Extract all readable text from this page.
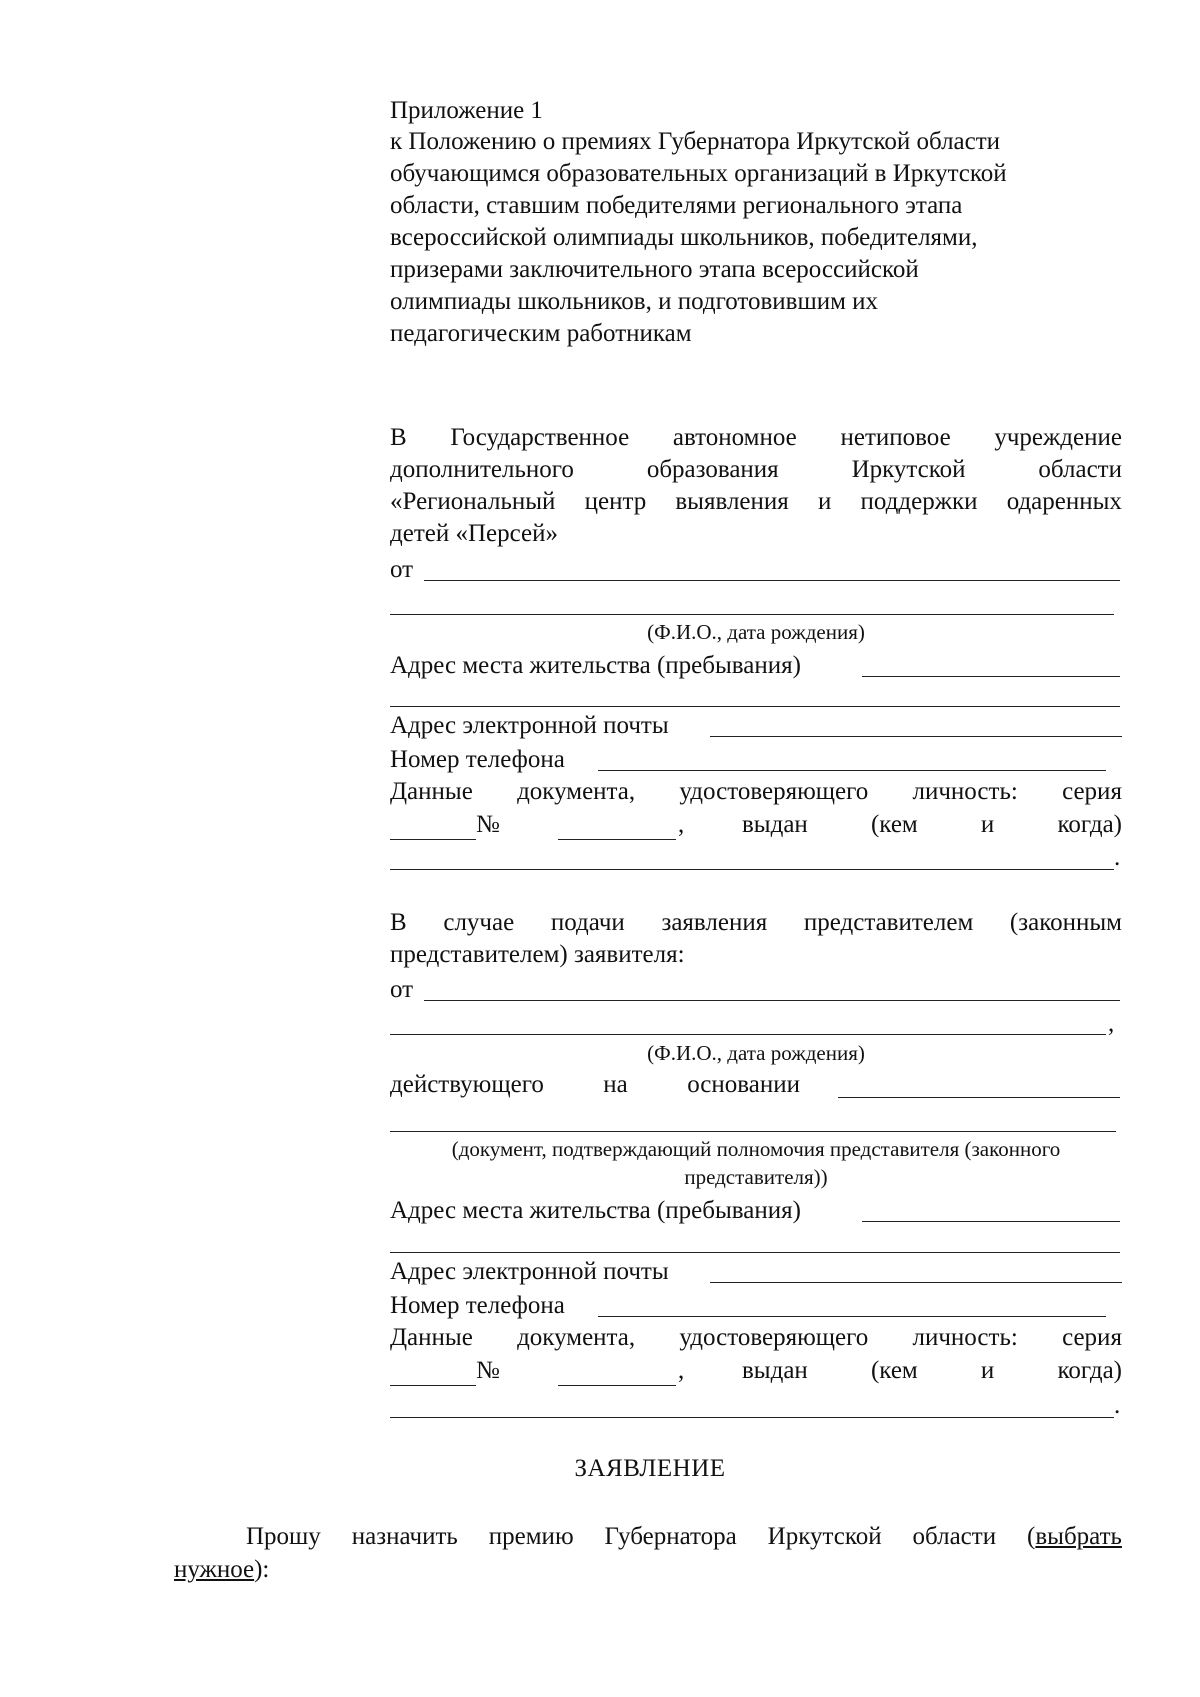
Приложение 1
к Положению о премиях Губернатора Иркутской области
обучающимся образовательных организаций в Иркутской
области, ставшим победителями регионального этапа
всероссийской олимпиады школьников, победителями,
призерами заключительного этапа всероссийской
олимпиады школьников, и подготовившим их
педагогическим работникам
В Государственное автономное нетиповое учреждение
дополнительного	образования	Иркутской	области
«Региональный центр выявления и поддержки одаренных
детей «Персей»
от
(Ф.И.О., дата рождения)
Адрес места жительства (пребывания)
Адрес электронной почты
Номер телефона
Данные документа, удостоверяющего личность: серия
№	, выдан	(кем	и	когда)
.
В случае подачи заявления представителем (законным
представителем) заявителя:
от
,
(Ф.И.О., дата рождения)
действующего на основании
(документ, подтверждающий полномочия представителя (законного
представителя))
Адрес места жительства (пребывания)
Адрес электронной почты
Номер телефона
Данные документа, удостоверяющего личность: серия
№	, выдан	(кем	и	когда)
.
ЗАЯВЛЕНИЕ
Прошу назначить премию Губернатора Иркутской области (выбрать
нужное):
